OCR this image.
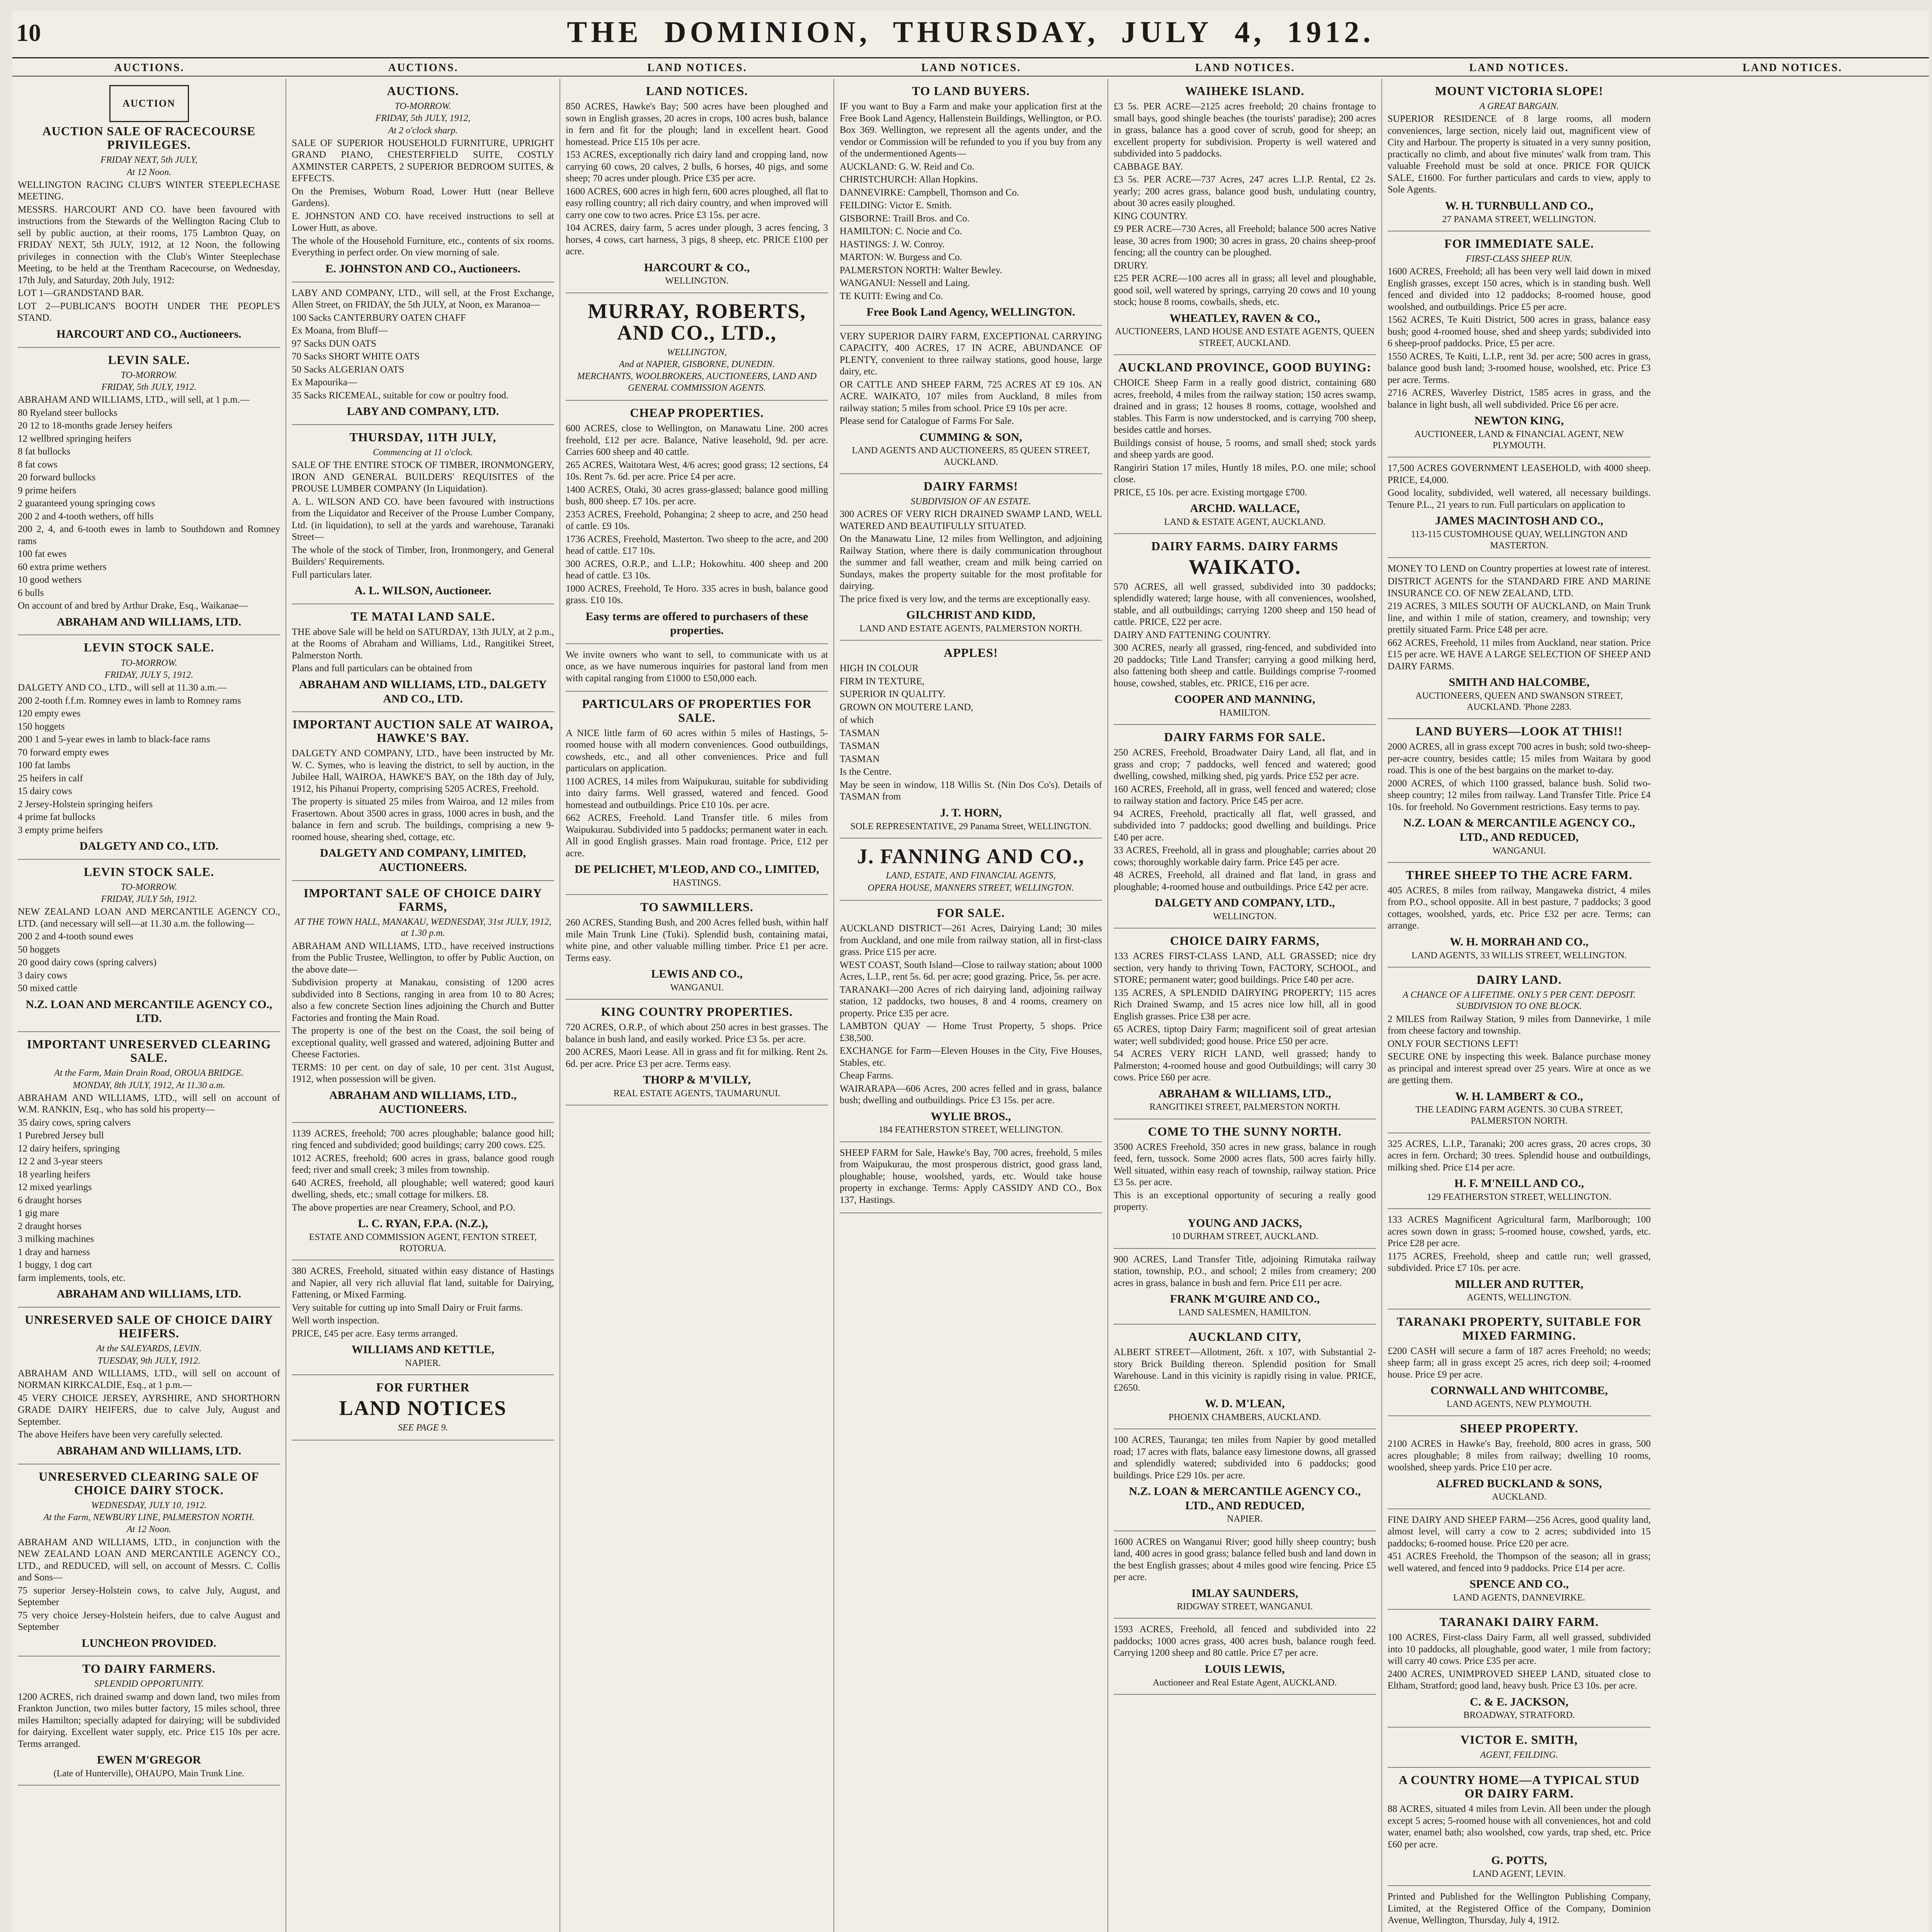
10	THE DOMINION, THURSDAY, JULY 4, 1912.
AUCTIONS.	AUCTIONS.	LAND NOTICES.	LAND NOTICES.	LAND NOTICES.	LAND NOTICES.	LAND NOTICES.
AUCTION
AUCTION SALE OF RACECOURSE PRIVILEGES.
FRIDAY NEXT, 5th JULY,
At 12 Noon.

WELLINGTON RACING CLUB'S WINTER STEEPLECHASE MEETING.

MESSRS. HARCOURT AND CO. have been favoured with instructions from the Stewards of the Wellington Racing Club to sell by public auction, at their rooms, 175 Lambton Quay, on FRIDAY NEXT, 5th JULY, 1912, at 12 Noon, the following privileges in connection with the Club's Winter Steeplechase Meeting, to be held at the Trentham Racecourse, on Wednesday, 17th July, and Saturday, 20th July, 1912:

LOT 1—GRANDSTAND BAR.

LOT 2—PUBLICAN'S BOOTH UNDER THE PEOPLE'S STAND.

HARCOURT AND CO., Auctioneers.
LEVIN SALE.
TO-MORROW.
FRIDAY, 5th JULY, 1912.

ABRAHAM AND WILLIAMS, LTD., will sell, at 1 p.m.—

80 Ryeland steer bullocks

20 12 to 18-months grade Jersey heifers

12 wellbred springing heifers

8 fat bullocks

8 fat cows

20 forward bullocks

9 prime heifers

2 guaranteed young springing cows

200 2 and 4-tooth wethers, off hills

200 2, 4, and 6-tooth ewes in lamb to Southdown and Romney rams

100 fat ewes

60 extra prime wethers

10 good wethers

6 bulls

On account of and bred by Arthur Drake, Esq., Waikanae—

ABRAHAM AND WILLIAMS, LTD.
LEVIN STOCK SALE.
TO-MORROW.
FRIDAY, JULY 5, 1912.

DALGETY AND CO., LTD., will sell at 11.30 a.m.—

200 2-tooth f.f.m. Romney ewes in lamb to Romney rams

120 empty ewes

150 hoggets

200 1 and 5-year ewes in lamb to black-face rams

70 forward empty ewes

100 fat lambs

25 heifers in calf

15 dairy cows

2 Jersey-Holstein springing heifers

4 prime fat bullocks

3 empty prime heifers

DALGETY AND CO., LTD.
LEVIN STOCK SALE.
TO-MORROW.
FRIDAY, JULY 5th, 1912.

NEW ZEALAND LOAN AND MERCANTILE AGENCY CO., LTD. (and necessary will sell—at 11.30 a.m. the following—

200 2 and 4-tooth sound ewes

50 hoggets

20 good dairy cows (spring calvers)

3 dairy cows

50 mixed cattle

N.Z. LOAN AND MERCANTILE AGENCY CO., LTD.
IMPORTANT UNRESERVED CLEARING SALE.
At the Farm, Main Drain Road, OROUA BRIDGE.
MONDAY, 8th JULY, 1912, At 11.30 a.m.

ABRAHAM AND WILLIAMS, LTD., will sell on account of W.M. RANKIN, Esq., who has sold his property—

35 dairy cows, spring calvers

1 Purebred Jersey bull

12 dairy heifers, springing

12 2 and 3-year steers

18 yearling heifers

12 mixed yearlings

6 draught horses

1 gig mare

2 draught horses

3 milking machines

1 dray and harness

1 buggy, 1 dog cart

farm implements, tools, etc.

ABRAHAM AND WILLIAMS, LTD.
UNRESERVED SALE OF CHOICE DAIRY HEIFERS.
At the SALEYARDS, LEVIN.
TUESDAY, 9th JULY, 1912.

ABRAHAM AND WILLIAMS, LTD., will sell on account of NORMAN KIRKCALDIE, Esq., at 1 p.m.—

45 VERY CHOICE JERSEY, AYRSHIRE, AND SHORTHORN GRADE DAIRY HEIFERS, due to calve July, August and September.

The above Heifers have been very carefully selected.

ABRAHAM AND WILLIAMS, LTD.
UNRESERVED CLEARING SALE OF CHOICE DAIRY STOCK.
WEDNESDAY, JULY 10, 1912.
At the Farm, NEWBURY LINE, PALMERSTON NORTH.
At 12 Noon.

ABRAHAM AND WILLIAMS, LTD., in conjunction with the NEW ZEALAND LOAN AND MERCANTILE AGENCY CO., LTD., and REDUCED, will sell, on account of Messrs. C. Collis and Sons—

75 superior Jersey-Holstein cows, to calve July, August, and September

75 very choice Jersey-Holstein heifers, due to calve August and September

LUNCHEON PROVIDED.
TO DAIRY FARMERS.
SPLENDID OPPORTUNITY.

1200 ACRES, rich drained swamp and down land, two miles from Frankton Junction, two miles butter factory, 15 miles school, three miles Hamilton; specially adapted for dairying; will be subdivided for dairying. Excellent water supply, etc. Price £15 10s per acre. Terms arranged.

EWEN M'GREGOR
(Late of Hunterville), OHAUPO, Main Trunk Line.
AUCTIONS.
TO-MORROW.
FRIDAY, 5th JULY, 1912,
At 2 o'clock sharp.

SALE OF SUPERIOR HOUSEHOLD FURNITURE, UPRIGHT GRAND PIANO, CHESTERFIELD SUITE, COSTLY AXMINSTER CARPETS, 2 SUPERIOR BEDROOM SUITES, & EFFECTS.

On the Premises, Woburn Road, Lower Hutt (near Belleve Gardens).

E. JOHNSTON AND CO. have received instructions to sell at Lower Hutt, as above.

The whole of the Household Furniture, etc., contents of six rooms. Everything in perfect order. On view morning of sale.

E. JOHNSTON AND CO., Auctioneers.

LABY AND COMPANY, LTD., will sell, at the Frost Exchange, Allen Street, on FRIDAY, the 5th JULY, at Noon, ex Maranoa—

100 Sacks CANTERBURY OATEN CHAFF

Ex Moana, from Bluff—

97 Sacks DUN OATS

70 Sacks SHORT WHITE OATS

50 Sacks ALGERIAN OATS

Ex Mapourika—

35 Sacks RICEMEAL, suitable for cow or poultry food.

LABY AND COMPANY, LTD.
THURSDAY, 11TH JULY,
Commencing at 11 o'clock.

SALE OF THE ENTIRE STOCK OF TIMBER, IRONMONGERY, IRON AND GENERAL BUILDERS' REQUISITES of the PROUSE LUMBER COMPANY (In Liquidation).

A. L. WILSON AND CO. have been favoured with instructions from the Liquidator and Receiver of the Prouse Lumber Company, Ltd. (in liquidation), to sell at the yards and warehouse, Taranaki Street—

The whole of the stock of Timber, Iron, Ironmongery, and General Builders' Requirements.

Full particulars later.

A. L. WILSON, Auctioneer.
TE MATAI LAND SALE.

THE above Sale will be held on SATURDAY, 13th JULY, at 2 p.m., at the Rooms of Abraham and Williams, Ltd., Rangitikei Street, Palmerston North.

Plans and full particulars can be obtained from

ABRAHAM AND WILLIAMS, LTD., DALGETY AND CO., LTD.
IMPORTANT AUCTION SALE AT WAIROA, HAWKE'S BAY.

DALGETY AND COMPANY, LTD., have been instructed by Mr. W. C. Symes, who is leaving the district, to sell by auction, in the Jubilee Hall, WAIROA, HAWKE'S BAY, on the 18th day of July, 1912, his Pihanui Property, comprising 5205 ACRES, Freehold.

The property is situated 25 miles from Wairoa, and 12 miles from Frasertown. About 3500 acres in grass, 1000 acres in bush, and the balance in fern and scrub. The buildings, comprising a new 9-roomed house, shearing shed, cottage, etc.

DALGETY AND COMPANY, LIMITED, AUCTIONEERS.
IMPORTANT SALE OF CHOICE DAIRY FARMS,
AT THE TOWN HALL, MANAKAU, WEDNESDAY, 31st JULY, 1912, at 1.30 p.m.

ABRAHAM AND WILLIAMS, LTD., have received instructions from the Public Trustee, Wellington, to offer by Public Auction, on the above date—

Subdivision property at Manakau, consisting of 1200 acres subdivided into 8 Sections, ranging in area from 10 to 80 Acres; also a few concrete Section lines adjoining the Church and Butter Factories and fronting the Main Road.

The property is one of the best on the Coast, the soil being of exceptional quality, well grassed and watered, adjoining Butter and Cheese Factories.

TERMS: 10 per cent. on day of sale, 10 per cent. 31st August, 1912, when possession will be given.

ABRAHAM AND WILLIAMS, LTD., AUCTIONEERS.

1139 ACRES, freehold; 700 acres ploughable; balance good hill; ring fenced and subdivided; good buildings; carry 200 cows. £25.

1012 ACRES, freehold; 600 acres in grass, balance good rough feed; river and small creek; 3 miles from township.

640 ACRES, freehold, all ploughable; well watered; good kauri dwelling, sheds, etc.; small cottage for milkers. £8.

The above properties are near Creamery, School, and P.O.

L. C. RYAN, F.P.A. (N.Z.),
ESTATE AND COMMISSION AGENT, FENTON STREET, ROTORUA.

380 ACRES, Freehold, situated within easy distance of Hastings and Napier, all very rich alluvial flat land, suitable for Dairying, Fattening, or Mixed Farming.

Very suitable for cutting up into Small Dairy or Fruit farms.

Well worth inspection.

PRICE, £45 per acre. Easy terms arranged.

WILLIAMS AND KETTLE,
NAPIER.
FOR FURTHER
LAND NOTICES
SEE PAGE 9.
LAND NOTICES.

850 ACRES, Hawke's Bay; 500 acres have been ploughed and sown in English grasses, 20 acres in crops, 100 acres bush, balance in fern and fit for the plough; land in excellent heart. Good homestead. Price £15 10s per acre.

153 ACRES, exceptionally rich dairy land and cropping land, now carrying 60 cows, 20 calves, 2 bulls, 6 horses, 40 pigs, and some sheep; 70 acres under plough. Price £35 per acre.

1600 ACRES, 600 acres in high fern, 600 acres ploughed, all flat to easy rolling country; all rich dairy country, and when improved will carry one cow to two acres. Price £3 15s. per acre.

104 ACRES, dairy farm, 5 acres under plough, 3 acres fencing, 3 horses, 4 cows, cart harness, 3 pigs, 8 sheep, etc. PRICE £100 per acre.

HARCOURT & CO.,
WELLINGTON.
MURRAY, ROBERTS, AND CO., LTD.,
WELLINGTON,
And at NAPIER, GISBORNE, DUNEDIN.
MERCHANTS, WOOLBROKERS, AUCTIONEERS, LAND AND GENERAL COMMISSION AGENTS.
CHEAP PROPERTIES.

600 ACRES, close to Wellington, on Manawatu Line. 200 acres freehold, £12 per acre. Balance, Native leasehold, 9d. per acre. Carries 600 sheep and 40 cattle.

265 ACRES, Waitotara West, 4/6 acres; good grass; 12 sections, £4 10s. Rent 7s. 6d. per acre. Price £4 per acre.

1400 ACRES, Otaki, 30 acres grass-glassed; balance good milling bush, 800 sheep. £7 10s. per acre.

2353 ACRES, Freehold, Pohangina; 2 sheep to acre, and 250 head of cattle. £9 10s.

1736 ACRES, Freehold, Masterton. Two sheep to the acre, and 200 head of cattle. £17 10s.

300 ACRES, O.R.P., and L.I.P.; Hokowhitu. 400 sheep and 200 head of cattle. £3 10s.

1000 ACRES, Freehold, Te Horo. 335 acres in bush, balance good grass. £10 10s.

Easy terms are offered to purchasers of these properties.

We invite owners who want to sell, to communicate with us at once, as we have numerous inquiries for pastoral land from men with capital ranging from £1000 to £50,000 each.

PARTICULARS OF PROPERTIES FOR SALE.

A NICE little farm of 60 acres within 5 miles of Hastings, 5-roomed house with all modern conveniences. Good outbuildings, cowsheds, etc., and all other conveniences. Price and full particulars on application.

1100 ACRES, 14 miles from Waipukurau, suitable for subdividing into dairy farms. Well grassed, watered and fenced. Good homestead and outbuildings. Price £10 10s. per acre.

662 ACRES, Freehold. Land Transfer title. 6 miles from Waipukurau. Subdivided into 5 paddocks; permanent water in each. All in good English grasses. Main road frontage. Price, £12 per acre.

DE PELICHET, M'LEOD, AND CO., LIMITED,
HASTINGS.
TO SAWMILLERS.

260 ACRES, Standing Bush, and 200 Acres felled bush, within half mile Main Trunk Line (Tuki). Splendid bush, containing matai, white pine, and other valuable milling timber. Price £1 per acre. Terms easy.

LEWIS AND CO.,
WANGANUI.
KING COUNTRY PROPERTIES.

720 ACRES, O.R.P., of which about 250 acres in best grasses. The balance in bush land, and easily worked. Price £3 5s. per acre.

200 ACRES, Maori Lease. All in grass and fit for milking. Rent 2s. 6d. per acre. Price £3 per acre. Terms easy.

THORP & M'VILLY,
REAL ESTATE AGENTS, TAUMARUNUI.
TO LAND BUYERS.

IF you want to Buy a Farm and make your application first at the Free Book Land Agency, Hallenstein Buildings, Wellington, or P.O. Box 369. Wellington, we represent all the agents under, and the vendor or Commission will be refunded to you if you buy from any of the undermentioned Agents—

AUCKLAND: G. W. Reid and Co.

CHRISTCHURCH: Allan Hopkins.

DANNEVIRKE: Campbell, Thomson and Co.

FEILDING: Victor E. Smith.

GISBORNE: Traill Bros. and Co.

HAMILTON: C. Nocie and Co.

HASTINGS: J. W. Conroy.

MARTON: W. Burgess and Co.

PALMERSTON NORTH: Walter Bewley.

WANGANUI: Nessell and Laing.

TE KUITI: Ewing and Co.

Free Book Land Agency, WELLINGTON.

VERY SUPERIOR DAIRY FARM, EXCEPTIONAL CARRYING CAPACITY, 400 ACRES, 17 IN ACRE, ABUNDANCE OF PLENTY, convenient to three railway stations, good house, large dairy, etc.

OR CATTLE AND SHEEP FARM, 725 ACRES AT £9 10s. AN ACRE. WAIKATO, 107 miles from Auckland, 8 miles from railway station; 5 miles from school. Price £9 10s per acre.

Please send for Catalogue of Farms For Sale.

CUMMING & SON,
LAND AGENTS AND AUCTIONEERS, 85 QUEEN STREET, AUCKLAND.
DAIRY FARMS!
SUBDIVISION OF AN ESTATE.

300 ACRES OF VERY RICH DRAINED SWAMP LAND, WELL WATERED AND BEAUTIFULLY SITUATED.

On the Manawatu Line, 12 miles from Wellington, and adjoining Railway Station, where there is daily communication throughout the summer and fall weather, cream and milk being carried on Sundays, makes the property suitable for the most profitable for dairying.

The price fixed is very low, and the terms are exceptionally easy.

GILCHRIST AND KIDD,
LAND AND ESTATE AGENTS, PALMERSTON NORTH.
APPLES!

HIGH IN COLOUR

FIRM IN TEXTURE,

SUPERIOR IN QUALITY.

GROWN ON MOUTERE LAND,

of which

TASMAN

TASMAN

TASMAN

Is the Centre.

May be seen in window, 118 Willis St. (Nin Dos Co's). Details of TASMAN from

J. T. HORN,
SOLE REPRESENTATIVE, 29 Panama Street, WELLINGTON.
J. FANNING AND CO.,
LAND, ESTATE, AND FINANCIAL AGENTS,
OPERA HOUSE, MANNERS STREET, WELLINGTON.
FOR SALE.

AUCKLAND DISTRICT—261 Acres, Dairying Land; 30 miles from Auckland, and one mile from railway station, all in first-class grass. Price £15 per acre.

WEST COAST, South Island—Close to railway station; about 1000 Acres, L.I.P., rent 5s. 6d. per acre; good grazing. Price, 5s. per acre.

TARANAKI—200 Acres of rich dairying land, adjoining railway station, 12 paddocks, two houses, 8 and 4 rooms, creamery on property. Price £35 per acre.

LAMBTON QUAY — Home Trust Property, 5 shops. Price £38,500.

EXCHANGE for Farm—Eleven Houses in the City, Five Houses, Stables, etc.

Cheap Farms.

WAIRARAPA—606 Acres, 200 acres felled and in grass, balance bush; dwelling and outbuildings. Price £3 15s. per acre.

WYLIE BROS.,
184 FEATHERSTON STREET, WELLINGTON.

SHEEP FARM for Sale, Hawke's Bay, 700 acres, freehold, 5 miles from Waipukurau, the most prosperous district, good grass land, ploughable; house, woolshed, yards, etc. Would take house property in exchange. Terms: Apply CASSIDY AND CO., Box 137, Hastings.

WAIHEKE ISLAND.

£3 5s. PER ACRE—2125 acres freehold; 20 chains frontage to small bays, good shingle beaches (the tourists' paradise); 200 acres in grass, balance has a good cover of scrub, good for sheep; an excellent property for subdivision. Property is well watered and subdivided into 5 paddocks.

CABBAGE BAY.

£3 5s. PER ACRE—737 Acres, 247 acres L.I.P. Rental, £2 2s. yearly; 200 acres grass, balance good bush, undulating country, about 30 acres easily ploughed.

KING COUNTRY.

£9 PER ACRE—730 Acres, all Freehold; balance 500 acres Native lease, 30 acres from 1900; 30 acres in grass, 20 chains sheep-proof fencing; all the country can be ploughed.

DRURY.

£25 PER ACRE—100 acres all in grass; all level and ploughable, good soil, well watered by springs, carrying 20 cows and 10 young stock; house 8 rooms, cowbails, sheds, etc.

WHEATLEY, RAVEN & CO.,
AUCTIONEERS, LAND HOUSE AND ESTATE AGENTS, QUEEN STREET, AUCKLAND.
AUCKLAND PROVINCE, GOOD BUYING:

CHOICE Sheep Farm in a really good district, containing 680 acres, freehold, 4 miles from the railway station; 150 acres swamp, drained and in grass; 12 houses 8 rooms, cottage, woolshed and stables. This Farm is now understocked, and is carrying 700 sheep, besides cattle and horses.

Buildings consist of house, 5 rooms, and small shed; stock yards and sheep yards are good.

Rangiriri Station 17 miles, Huntly 18 miles, P.O. one mile; school close.

PRICE, £5 10s. per acre. Existing mortgage £700.

ARCHD. WALLACE,
LAND & ESTATE AGENT, AUCKLAND.
DAIRY FARMS. DAIRY FARMS
WAIKATO.

570 ACRES, all well grassed, subdivided into 30 paddocks; splendidly watered; large house, with all conveniences, woolshed, stable, and all outbuildings; carrying 1200 sheep and 150 head of cattle. PRICE, £22 per acre.

DAIRY AND FATTENING COUNTRY.

300 ACRES, nearly all grassed, ring-fenced, and subdivided into 20 paddocks; Title Land Transfer; carrying a good milking herd, also fattening both sheep and cattle. Buildings comprise 7-roomed house, cowshed, stables, etc. PRICE, £16 per acre.

COOPER AND MANNING,
HAMILTON.
DAIRY FARMS FOR SALE.

250 ACRES, Freehold, Broadwater Dairy Land, all flat, and in grass and crop; 7 paddocks, well fenced and watered; good dwelling, cowshed, milking shed, pig yards. Price £52 per acre.

160 ACRES, Freehold, all in grass, well fenced and watered; close to railway station and factory. Price £45 per acre.

94 ACRES, Freehold, practically all flat, well grassed, and subdivided into 7 paddocks; good dwelling and buildings. Price £40 per acre.

33 ACRES, Freehold, all in grass and ploughable; carries about 20 cows; thoroughly workable dairy farm. Price £45 per acre.

48 ACRES, Freehold, all drained and flat land, in grass and ploughable; 4-roomed house and outbuildings. Price £42 per acre.

DALGETY AND COMPANY, LTD.,
WELLINGTON.
CHOICE DAIRY FARMS,

133 ACRES FIRST-CLASS LAND, ALL GRASSED; nice dry section, very handy to thriving Town, FACTORY, SCHOOL, and STORE; permanent water; good buildings. Price £40 per acre.

135 ACRES, A SPLENDID DAIRYING PROPERTY; 115 acres Rich Drained Swamp, and 15 acres nice low hill, all in good English grasses. Price £38 per acre.

65 ACRES, tiptop Dairy Farm; magnificent soil of great artesian water; well subdivided; good house. Price £50 per acre.

54 ACRES VERY RICH LAND, well grassed; handy to Palmerston; 4-roomed house and good Outbuildings; will carry 30 cows. Price £60 per acre.

ABRAHAM & WILLIAMS, LTD.,
RANGITIKEI STREET, PALMERSTON NORTH.
COME TO THE SUNNY NORTH.

3500 ACRES Freehold, 350 acres in new grass, balance in rough feed, fern, tussock. Some 2000 acres flats, 500 acres fairly hilly. Well situated, within easy reach of township, railway station. Price £3 5s. per acre.

This is an exceptional opportunity of securing a really good property.

YOUNG AND JACKS,
10 DURHAM STREET, AUCKLAND.

900 ACRES, Land Transfer Title, adjoining Rimutaka railway station, township, P.O., and school; 2 miles from creamery; 200 acres in grass, balance in bush and fern. Price £11 per acre.

FRANK M'GUIRE AND CO.,
LAND SALESMEN, HAMILTON.
AUCKLAND CITY,

ALBERT STREET—Allotment, 26ft. x 107, with Substantial 2-story Brick Building thereon. Splendid position for Small Warehouse. Land in this vicinity is rapidly rising in value. PRICE, £2650.

W. D. M'LEAN,
PHOENIX CHAMBERS, AUCKLAND.

100 ACRES, Tauranga; ten miles from Napier by good metalled road; 17 acres with flats, balance easy limestone downs, all grassed and splendidly watered; subdivided into 6 paddocks; good buildings. Price £29 10s. per acre.

N.Z. LOAN & MERCANTILE AGENCY CO., LTD., AND REDUCED,
NAPIER.

1600 ACRES on Wanganui River; good hilly sheep country; bush land, 400 acres in good grass; balance felled bush and land down in the best English grasses; about 4 miles good wire fencing. Price £5 per acre.

IMLAY SAUNDERS,
RIDGWAY STREET, WANGANUI.

1593 ACRES, Freehold, all fenced and subdivided into 22 paddocks; 1000 acres grass, 400 acres bush, balance rough feed. Carrying 1200 sheep and 80 cattle. Price £7 per acre.

LOUIS LEWIS,
Auctioneer and Real Estate Agent, AUCKLAND.
MOUNT VICTORIA SLOPE!
A GREAT BARGAIN.

SUPERIOR RESIDENCE of 8 large rooms, all modern conveniences, large section, nicely laid out, magnificent view of City and Harbour. The property is situated in a very sunny position, practically no climb, and about five minutes' walk from tram. This valuable Freehold must be sold at once. PRICE FOR QUICK SALE, £1600. For further particulars and cards to view, apply to Sole Agents.

W. H. TURNBULL AND CO.,
27 PANAMA STREET, WELLINGTON.
FOR IMMEDIATE SALE.
FIRST-CLASS SHEEP RUN.

1600 ACRES, Freehold; all has been very well laid down in mixed English grasses, except 150 acres, which is in standing bush. Well fenced and divided into 12 paddocks; 8-roomed house, good woolshed, and outbuildings. Price £5 per acre.

1562 ACRES, Te Kuiti District, 500 acres in grass, balance easy bush; good 4-roomed house, shed and sheep yards; subdivided into 6 sheep-proof paddocks. Price, £5 per acre.

1550 ACRES, Te Kuiti, L.I.P., rent 3d. per acre; 500 acres in grass, balance good bush land; 3-roomed house, woolshed, etc. Price £3 per acre. Terms.

2716 ACRES, Waverley District, 1585 acres in grass, and the balance in light bush, all well subdivided. Price £6 per acre.

NEWTON KING,
AUCTIONEER, LAND & FINANCIAL AGENT, NEW PLYMOUTH.

17,500 ACRES GOVERNMENT LEASEHOLD, with 4000 sheep. PRICE, £4,000.

Good locality, subdivided, well watered, all necessary buildings. Tenure P.L., 21 years to run. Full particulars on application to

JAMES MACINTOSH AND CO.,
113-115 CUSTOMHOUSE QUAY, WELLINGTON AND MASTERTON.

MONEY TO LEND on Country properties at lowest rate of interest.

DISTRICT AGENTS for the STANDARD FIRE AND MARINE INSURANCE CO. OF NEW ZEALAND, LTD.

219 ACRES, 3 MILES SOUTH OF AUCKLAND, on Main Trunk line, and within 1 mile of station, creamery, and township; very prettily situated Farm. Price £48 per acre.

662 ACRES, Freehold, 11 miles from Auckland, near station. Price £15 per acre. WE HAVE A LARGE SELECTION OF SHEEP AND DAIRY FARMS.

SMITH AND HALCOMBE,
AUCTIONEERS, QUEEN AND SWANSON STREET, AUCKLAND. 'Phone 2283.
LAND BUYERS—LOOK AT THIS!!

2000 ACRES, all in grass except 700 acres in bush; sold two-sheep-per-acre country, besides cattle; 15 miles from Waitara by good road. This is one of the best bargains on the market to-day.

2000 ACRES, of which 1100 grassed, balance bush. Solid two-sheep country; 12 miles from railway. Land Transfer Title. Price £4 10s. for freehold. No Government restrictions. Easy terms to pay.

N.Z. LOAN & MERCANTILE AGENCY CO., LTD., AND REDUCED,
WANGANUI.
THREE SHEEP TO THE ACRE FARM.

405 ACRES, 8 miles from railway, Mangaweka district, 4 miles from P.O., school opposite. All in best pasture, 7 paddocks; 3 good cottages, woolshed, yards, etc. Price £32 per acre. Terms; can arrange.

W. H. MORRAH AND CO.,
LAND AGENTS, 33 WILLIS STREET, WELLINGTON.
DAIRY LAND.
A CHANCE OF A LIFETIME. ONLY 5 PER CENT. DEPOSIT. SUBDIVISION TO ONE BLOCK.

2 MILES from Railway Station, 9 miles from Dannevirke, 1 mile from cheese factory and township.

ONLY FOUR SECTIONS LEFT!

SECURE ONE by inspecting this week. Balance purchase money as principal and interest spread over 25 years. Wire at once as we are getting them.

W. H. LAMBERT & CO.,
THE LEADING FARM AGENTS. 30 CUBA STREET, PALMERSTON NORTH.

325 ACRES, L.I.P., Taranaki; 200 acres grass, 20 acres crops, 30 acres in fern. Orchard; 30 trees. Splendid house and outbuildings, milking shed. Price £14 per acre.

H. F. M'NEILL AND CO.,
129 FEATHERSTON STREET, WELLINGTON.

133 ACRES Magnificent Agricultural farm, Marlborough; 100 acres sown down in grass; 5-roomed house, cowshed, yards, etc. Price £28 per acre.

1175 ACRES, Freehold, sheep and cattle run; well grassed, subdivided. Price £7 10s. per acre.

MILLER AND RUTTER,
AGENTS, WELLINGTON.
TARANAKI PROPERTY, SUITABLE FOR MIXED FARMING.

£200 CASH will secure a farm of 187 acres Freehold; no weeds; sheep farm; all in grass except 25 acres, rich deep soil; 4-roomed house. Price £9 per acre.

CORNWALL AND WHITCOMBE,
LAND AGENTS, NEW PLYMOUTH.
SHEEP PROPERTY.

2100 ACRES in Hawke's Bay, freehold, 800 acres in grass, 500 acres ploughable; 8 miles from railway; dwelling 10 rooms, woolshed, sheep yards. Price £10 per acre.

ALFRED BUCKLAND & SONS,
AUCKLAND.

FINE DAIRY AND SHEEP FARM—256 Acres, good quality land, almost level, will carry a cow to 2 acres; subdivided into 15 paddocks; 6-roomed house. Price £20 per acre.

451 ACRES Freehold, the Thompson of the season; all in grass; well watered, and fenced into 9 paddocks. Price £14 per acre.

SPENCE AND CO.,
LAND AGENTS, DANNEVIRKE.
TARANAKI DAIRY FARM.

100 ACRES, First-class Dairy Farm, all well grassed, subdivided into 10 paddocks, all ploughable, good water, 1 mile from factory; will carry 40 cows. Price £35 per acre.

2400 ACRES, UNIMPROVED SHEEP LAND, situated close to Eltham, Stratford; good land, heavy bush. Price £3 10s. per acre.

C. & E. JACKSON,
BROADWAY, STRATFORD.
VICTOR E. SMITH,
AGENT, FEILDING.
A COUNTRY HOME—A TYPICAL STUD OR DAIRY FARM.

88 ACRES, situated 4 miles from Levin. All been under the plough except 5 acres; 5-roomed house with all conveniences, hot and cold water, enamel bath; also woolshed, cow yards, trap shed, etc. Price £60 per acre.

G. POTTS,
LAND AGENT, LEVIN.

Printed and Published for the Wellington Publishing Company, Limited, at the Registered Office of the Company, Dominion Avenue, Wellington, Thursday, July 4, 1912.
